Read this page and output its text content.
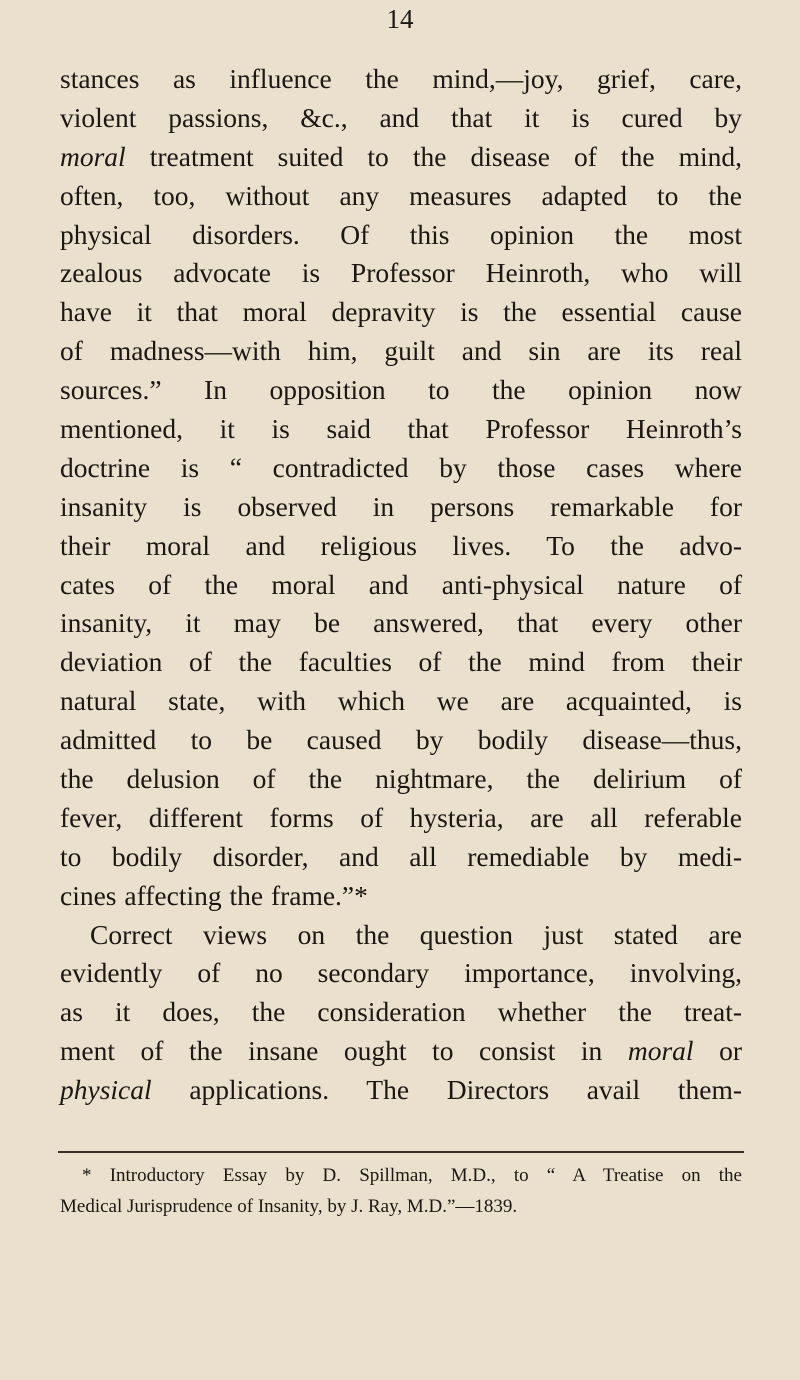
14
stances as influence the mind,—joy, grief, care,
violent passions, &c., and that it is cured by
moral treatment suited to the disease of the mind,
often, too, without any measures adapted to the
physical disorders. Of this opinion the most
zealous advocate is Professor Heinroth, who will
have it that moral depravity is the essential cause
of madness—with him, guilt and sin are its real
sources.” In opposition to the opinion now
mentioned, it is said that Professor Heinroth’s
doctrine is “ contradicted by those cases where
insanity is observed in persons remarkable for
their moral and religious lives. To the advo-
cates of the moral and anti-physical nature of
insanity, it may be answered, that every other
deviation of the faculties of the mind from their
natural state, with which we are acquainted, is
admitted to be caused by bodily disease—thus,
the delusion of the nightmare, the delirium of
fever, different forms of hysteria, are all referable
to bodily disorder, and all remediable by medi-
cines affecting the frame.”*
Correct views on the question just stated are
evidently of no secondary importance, involving,
as it does, the consideration whether the treat-
ment of the insane ought to consist in moral or
physical applications. The Directors avail them-
* Introductory Essay by D. Spillman, M.D., to “ A Treatise on the
Medical Jurisprudence of Insanity, by J. Ray, M.D.”—1839.
